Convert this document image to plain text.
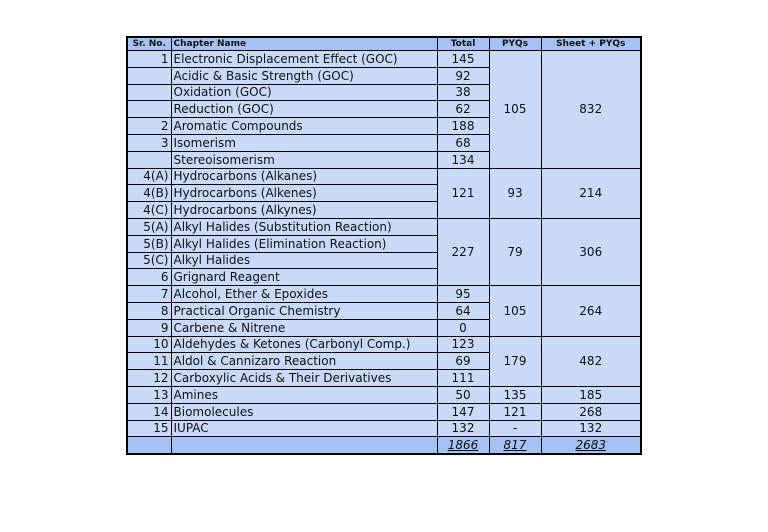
Sr. No.	Chapter Name	Total	PYQs	Sheet + PYQs
1	Electronic Displacement Effect (GOC)	145	105	832
	Acidic & Basic Strength (GOC)	92		
	Oxidation (GOC)	38		
	Reduction (GOC)	62		
2	Aromatic Compounds	188		
3	Isomerism	68		
	Stereoisomerism	134		
4(A)	Hydrocarbons (Alkanes)	121	93	214
4(B)	Hydrocarbons (Alkenes)			
4(C)	Hydrocarbons (Alkynes)			
5(A)	Alkyl Halides (Substitution Reaction)	227	79	306
5(B)	Alkyl Halides (Elimination Reaction)			
5(C)	Alkyl Halides			
6	Grignard Reagent			
7	Alcohol, Ether & Epoxides	95	105	264
8	Practical Organic Chemistry	64		
9	Carbene & Nitrene	0		
10	Aldehydes & Ketones (Carbonyl Comp.)	123	179	482
11	Aldol & Cannizaro Reaction	69		
12	Carboxylic Acids & Their Derivatives	111		
13	Amines	50	135	185
14	Biomolecules	147	121	268
15	IUPAC	132	-	132
		1866	817	2683
